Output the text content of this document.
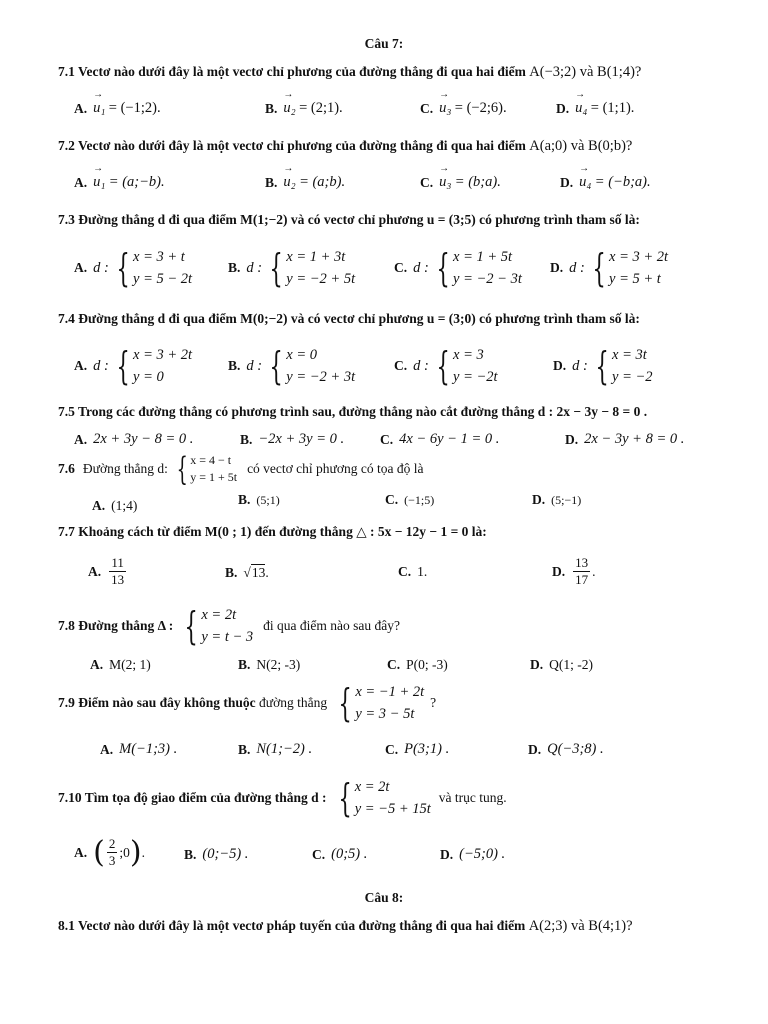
Câu 7:
7.1 Vectơ nào dưới đây là một vectơ chỉ phương của đường thẳng đi qua hai điểm A(−3;2) và B(1;4)?
A. → u₁
= (−1;2).	B. → u₂
= (2;1).	C. → u₃
= (−2;6).	D. → u₄
= (1;1).
7.2 Vectơ nào dưới đây là một vectơ chỉ phương của đường thẳng đi qua hai điểm A(a;0) và B(0;b)?
A. → u₁
= (a;−b).	B. → u₂
= (a;b).	C. → u₃
= (b;a).	D. → u₄
= (−b;a).
7.3 Đường thẳng d đi qua điểm M(1;−2) và có vectơ chỉ phương u = (3;5) có phương trình tham số là:
A. d : { x = 3 + t
y = 5 − 2t
B. d : { x = 1 + 3t
y = −2 + 5t
C. d : { x = 1 + 5t
y = −2 − 3t
D. d : { x = 3 + 2t
y = 5 + t
7.4 Đường thẳng d đi qua điểm M(0;−2) và có vectơ chỉ phương u = (3;0) có phương trình tham số là:
A. d : { x = 3 + 2t
y = 0
B. d : { x = 0
y = −2 + 3t
C. d : { x = 3
y = −2t
D. d : { x = 3t
y = −2
7.5 Trong các đường thẳng có phương trình sau, đường thẳng nào cắt đường thẳng d : 2x − 3y − 8 = 0 .
A. 2x + 3y − 8 = 0 .	B. −2x + 3y = 0 .	C. 4x − 6y − 1 = 0 .	D. 2x − 3y + 8 = 0 .
7.6 Đường thẳng d: { x = 4 − t
y = 1 + 5t
có vectơ chỉ phương có tọa độ là
A. (1;4)	B. (5;1)	C. (−1;5)	D. (5;−1)
7.7 Khoảng cách từ điểm M(0 ; 1) đến đường thẳng △ : 5x − 12y − 1 = 0 là:
A. $\frac{11}{13}$	B. √ 13 .	C. 1.	D. $\frac{13}{17}$ .
7.8 Đường thẳng Δ : { x = 2t
y = t − 3
đi qua điểm nào sau đây?
A. M(2; 1)	B. N(2; -3)	C. P(0; -3)	D. Q(1; -2)
7.9 Điểm nào sau đây không thuộc đường thẳng { x = −1 + 2t
y = 3 − 5t
?
A. M(−1;3) .	B. N(1;−2) .	C. P(3;1) .	D. Q(−3;8) .
7.10 Tìm tọa độ giao điểm của đường thẳng d : { x = 2t
y = −5 + 15t
và trục tung.
A. ( $\frac{2}{3}$ ;0 ) .	B. (0;−5) .	C. (0;5) .	D. (−5;0) .
Câu 8:
8.1 Vectơ nào dưới đây là một vectơ pháp tuyến của đường thẳng đi qua hai điểm A(2;3) và B(4;1)?
